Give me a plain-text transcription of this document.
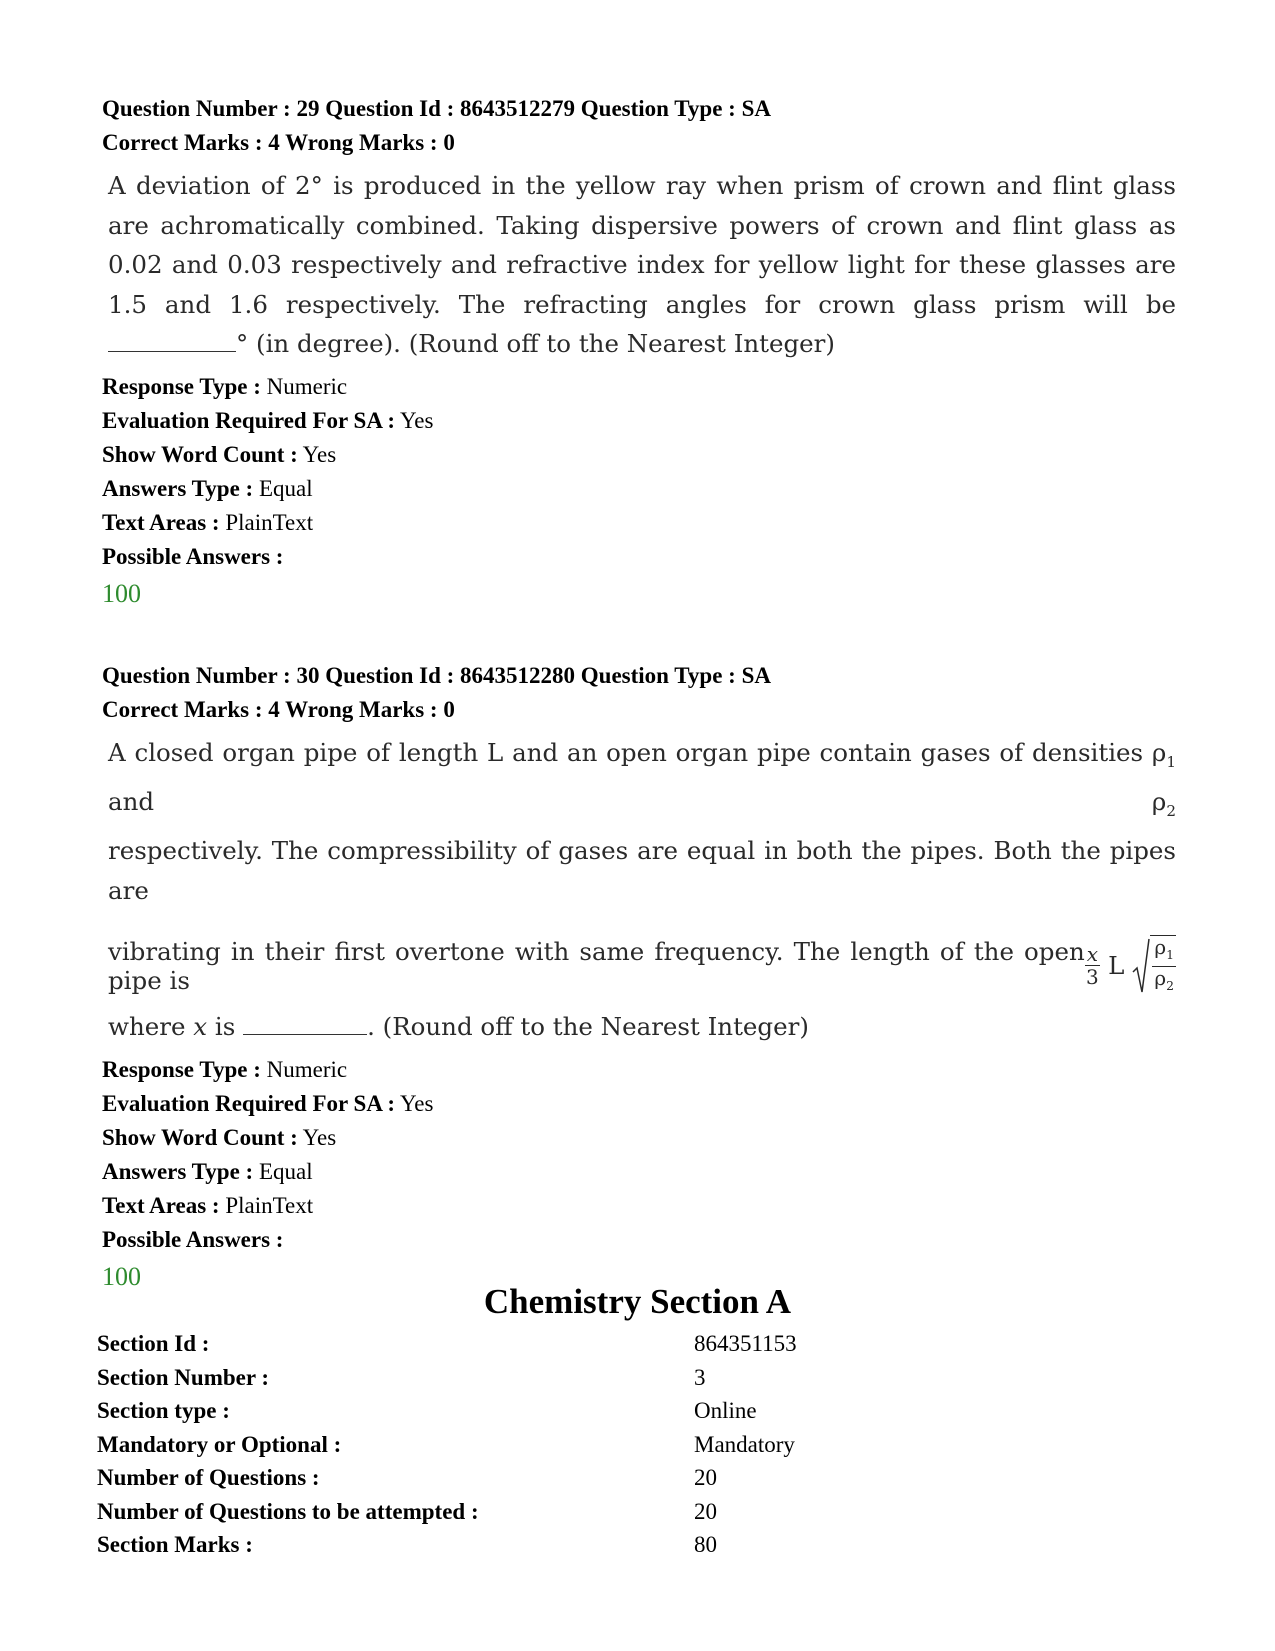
Question Number : 29 Question Id : 8643512279 Question Type : SA
Correct Marks : 4 Wrong Marks : 0

A deviation of 2° is produced in the yellow ray when prism of crown and flint glass are achromatically combined. Taking dispersive powers of crown and flint glass as 0.02 and 0.03 respectively and refractive index for yellow light for these glasses are 1.5 and 1.6 respectively. The refracting angles for crown glass prism will be ° (in degree). (Round off to the Nearest Integer)

Response Type : Numeric
Evaluation Required For SA : Yes
Show Word Count : Yes
Answers Type : Equal
Text Areas : PlainText
Possible Answers :
100
Question Number : 30 Question Id : 8643512280 Question Type : SA
Correct Marks : 4 Wrong Marks : 0
A closed organ pipe of length L and an open organ pipe contain gases of densities $\rho_1$ and $\rho_2$
respectively. The compressibility of gases are equal in both the pipes. Both the pipes are
vibrating in their first overtone with same frequency. The length of the open pipe is	$\frac{x}{3}$ L $\frac{\rho_1}{\rho_2}$
where x is	. (Round off to the Nearest Integer)
Response Type : Numeric
Evaluation Required For SA : Yes
Show Word Count : Yes
Answers Type : Equal
Text Areas : PlainText
Possible Answers :
100
Chemistry Section A
Section Id :	864351153
Section Number :	3
Section type :	Online
Mandatory or Optional :	Mandatory
Number of Questions :	20
Number of Questions to be attempted :	20
Section Marks :	80
